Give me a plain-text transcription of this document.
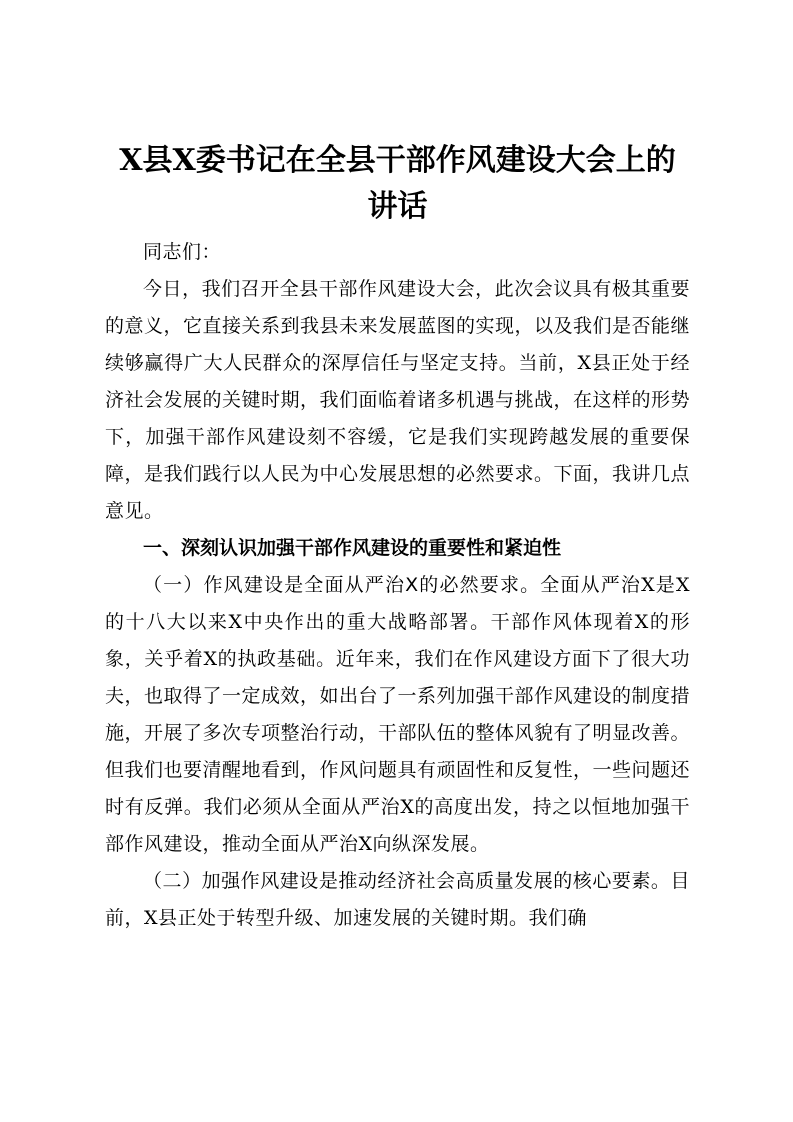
X县X委书记在全县干部作风建设大会上的讲话

同志们：

今日，我们召开全县干部作风建设大会，此次会议具有极其重要的意义，它直接关系到我县未来发展蓝图的实现，以及我们是否能继续够赢得广大人民群众的深厚信任与坚定支持。当前，X县正处于经济社会发展的关键时期，我们面临着诸多机遇与挑战，在这样的形势下，加强干部作风建设刻不容缓，它是我们实现跨越发展的重要保障，是我们践行以人民为中心发展思想的必然要求。下面，我讲几点意见。

一、深刻认识加强干部作风建设的重要性和紧迫性

（一）作风建设是全面从严治X的必然要求。全面从严治X是X的十八大以来X中央作出的重大战略部署。干部作风体现着X的形象，关乎着X的执政基础。近年来，我们在作风建设方面下了很大功夫，也取得了一定成效，如出台了一系列加强干部作风建设的制度措施，开展了多次专项整治行动，干部队伍的整体风貌有了明显改善。但我们也要清醒地看到，作风问题具有顽固性和反复性，一些问题还时有反弹。我们必须从全面从严治X的高度出发，持之以恒地加强干部作风建设，推动全面从严治X向纵深发展。

（二）加强作风建设是推动经济社会高质量发展的核心要素。目前，X县正处于转型升级、加速发展的关键时期。我们确
